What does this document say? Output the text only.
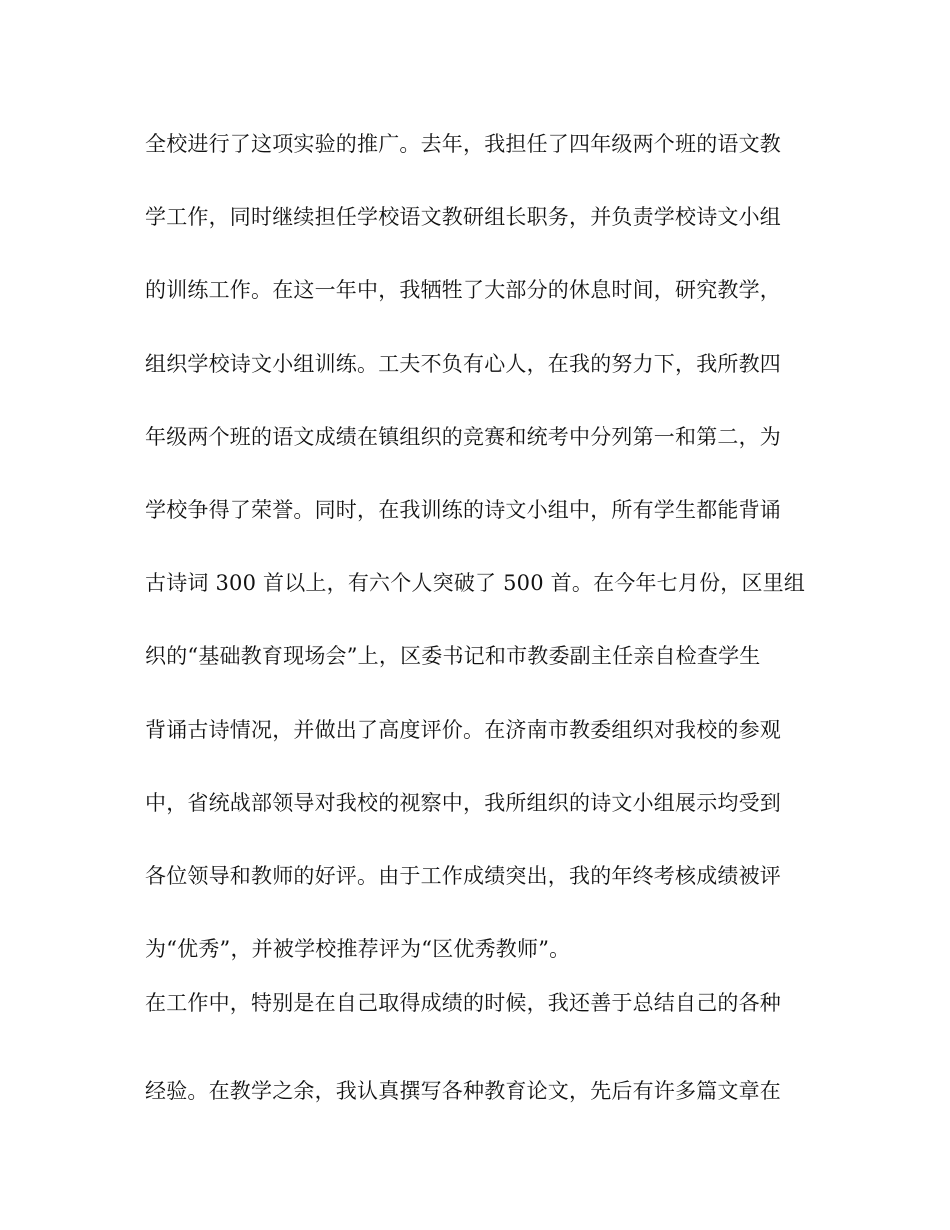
全校进行了这项实验的推广。去年，我担任了四年级两个班的语文教
学工作，同时继续担任学校语文教研组长职务，并负责学校诗文小组
的训练工作。在这一年中，我牺牲了大部分的休息时间，研究教学，
组织学校诗文小组训练。工夫不负有心人，在我的努力下，我所教四
年级两个班的语文成绩在镇组织的竞赛和统考中分列第一和第二，为
学校争得了荣誉。同时，在我训练的诗文小组中，所有学生都能背诵
古诗词 300 首以上，有六个人突破了 500 首。在今年七月份，区里组
织的“基础教育现场会”上，区委书记和市教委副主任亲自检查学生
背诵古诗情况，并做出了高度评价。在济南市教委组织对我校的参观
中，省统战部领导对我校的视察中，我所组织的诗文小组展示均受到
各位领导和教师的好评。由于工作成绩突出，我的年终考核成绩被评
为“优秀”，并被学校推荐评为“区优秀教师”。
在工作中，特别是在自己取得成绩的时候，我还善于总结自己的各种
经验。在教学之余，我认真撰写各种教育论文，先后有许多篇文章在
